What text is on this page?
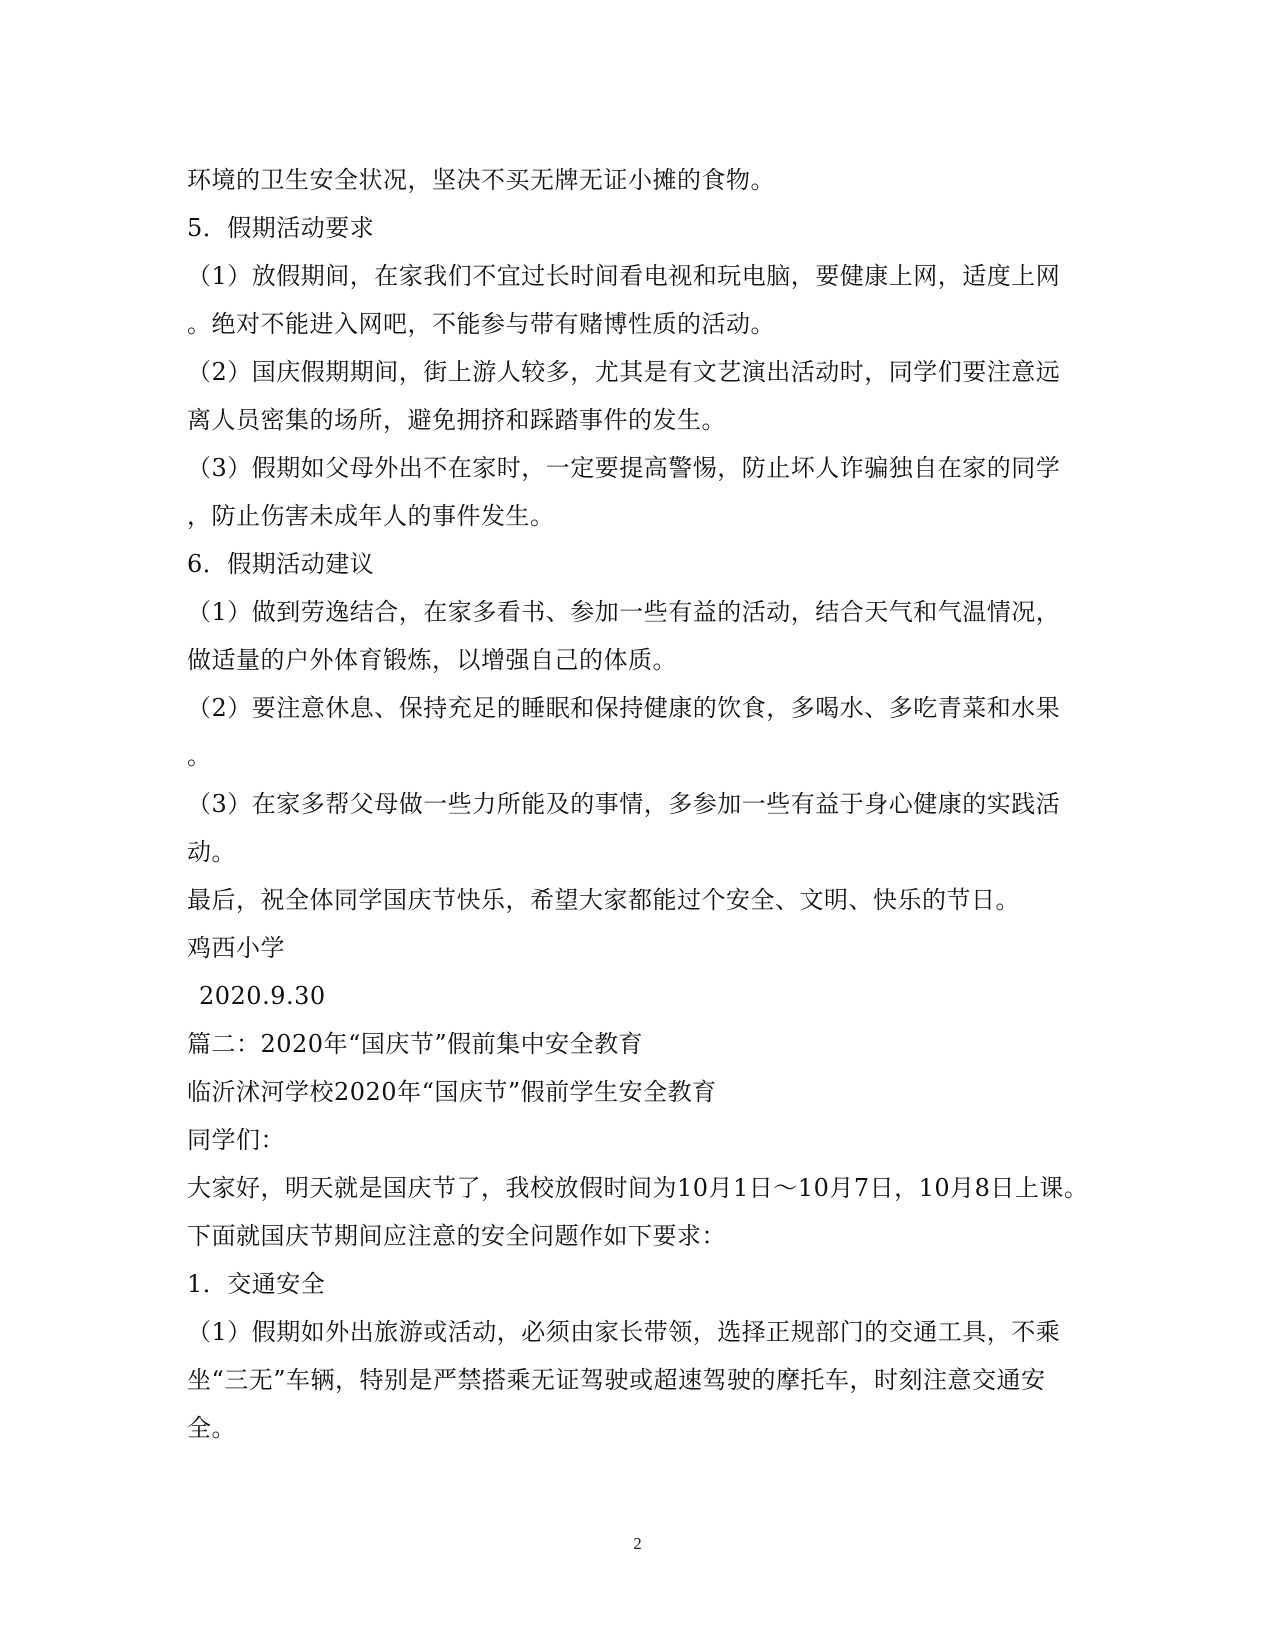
环境的卫生安全状况，坚决不买无牌无证小摊的食物。
5．假期活动要求
（1）放假期间，在家我们不宜过长时间看电视和玩电脑，要健康上网，适度上网
。绝对不能进入网吧，不能参与带有赌博性质的活动。
（2）国庆假期期间，街上游人较多，尤其是有文艺演出活动时，同学们要注意远
离人员密集的场所，避免拥挤和踩踏事件的发生。
（3）假期如父母外出不在家时，一定要提高警惕，防止坏人诈骗独自在家的同学
，防止伤害未成年人的事件发生。
6．假期活动建议
（1）做到劳逸结合，在家多看书、参加一些有益的活动，结合天气和气温情况，
做适量的户外体育锻炼，以增强自己的体质。
（2）要注意休息、保持充足的睡眠和保持健康的饮食，多喝水、多吃青菜和水果
。
（3）在家多帮父母做一些力所能及的事情，多参加一些有益于身心健康的实践活
动。
最后，祝全体同学国庆节快乐，希望大家都能过个安全、文明、快乐的节日。
鸡西小学
2020.9.30
篇二：2020年“国庆节”假前集中安全教育
临沂沭河学校2020年“国庆节”假前学生安全教育
同学们：
大家好，明天就是国庆节了，我校放假时间为10月1日～10月7日，10月8日上课。
下面就国庆节期间应注意的安全问题作如下要求：
1．交通安全
（1）假期如外出旅游或活动，必须由家长带领，选择正规部门的交通工具，不乘
坐“三无”车辆，特别是严禁搭乘无证驾驶或超速驾驶的摩托车，时刻注意交通安
全。
2
